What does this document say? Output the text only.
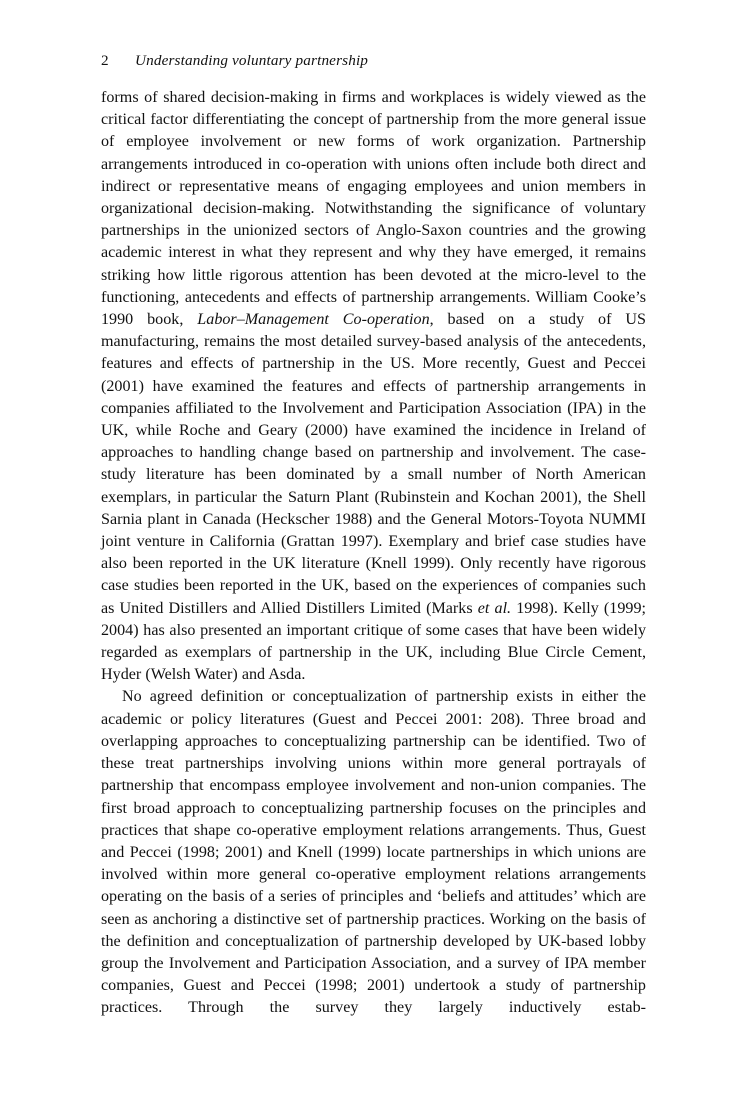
2 Understanding voluntary partnership

forms of shared decision-making in firms and workplaces is widely viewed as the critical factor differentiating the concept of partnership from the more general issue of employee involvement or new forms of work organization. Partnership arrangements introduced in co-operation with unions often include both direct and indirect or representative means of engaging employees and union members in organizational decision-making. Notwithstanding the significance of voluntary partnerships in the unionized sectors of Anglo-Saxon countries and the growing academic interest in what they represent and why they have emerged, it remains striking how little rigorous attention has been devoted at the micro-level to the functioning, antecedents and effects of partnership arrangements. William Cooke’s 1990 book, Labor–Management Co-operation, based on a study of US manufacturing, remains the most detailed survey-based analysis of the antecedents, features and effects of partnership in the US. More recently, Guest and Peccei (2001) have examined the features and effects of partnership arrangements in companies affiliated to the Involvement and Participation Association (IPA) in the UK, while Roche and Geary (2000) have examined the incidence in Ireland of approaches to handling change based on partnership and involvement. The case-study literature has been dominated by a small number of North American exemplars, in particular the Saturn Plant (Rubinstein and Kochan 2001), the Shell Sarnia plant in Canada (Heckscher 1988) and the General Motors-Toyota NUMMI joint venture in California (Grattan 1997). Exemplary and brief case studies have also been reported in the UK literature (Knell 1999). Only recently have rigorous case studies been reported in the UK, based on the experiences of companies such as United Distillers and Allied Distillers Limited (Marks et al. 1998). Kelly (1999; 2004) has also presented an important critique of some cases that have been widely regarded as exemplars of partnership in the UK, including Blue Circle Cement, Hyder (Welsh Water) and Asda.

No agreed definition or conceptualization of partnership exists in either the academic or policy literatures (Guest and Peccei 2001: 208). Three broad and overlapping approaches to conceptualizing partnership can be identified. Two of these treat partnerships involving unions within more general portrayals of partnership that encompass employee involvement and non-union companies. The first broad approach to conceptualizing partnership focuses on the principles and practices that shape co-operative employment relations arrangements. Thus, Guest and Peccei (1998; 2001) and Knell (1999) locate partnerships in which unions are involved within more general co-operative employment relations arrangements operating on the basis of a series of principles and ‘beliefs and attitudes’ which are seen as anchoring a distinctive set of partnership practices. Working on the basis of the definition and conceptualization of partnership developed by UK-based lobby group the Involvement and Participation Association, and a survey of IPA member companies, Guest and Peccei (1998; 2001) undertook a study of partnership practices. Through the survey they largely inductively estab-
